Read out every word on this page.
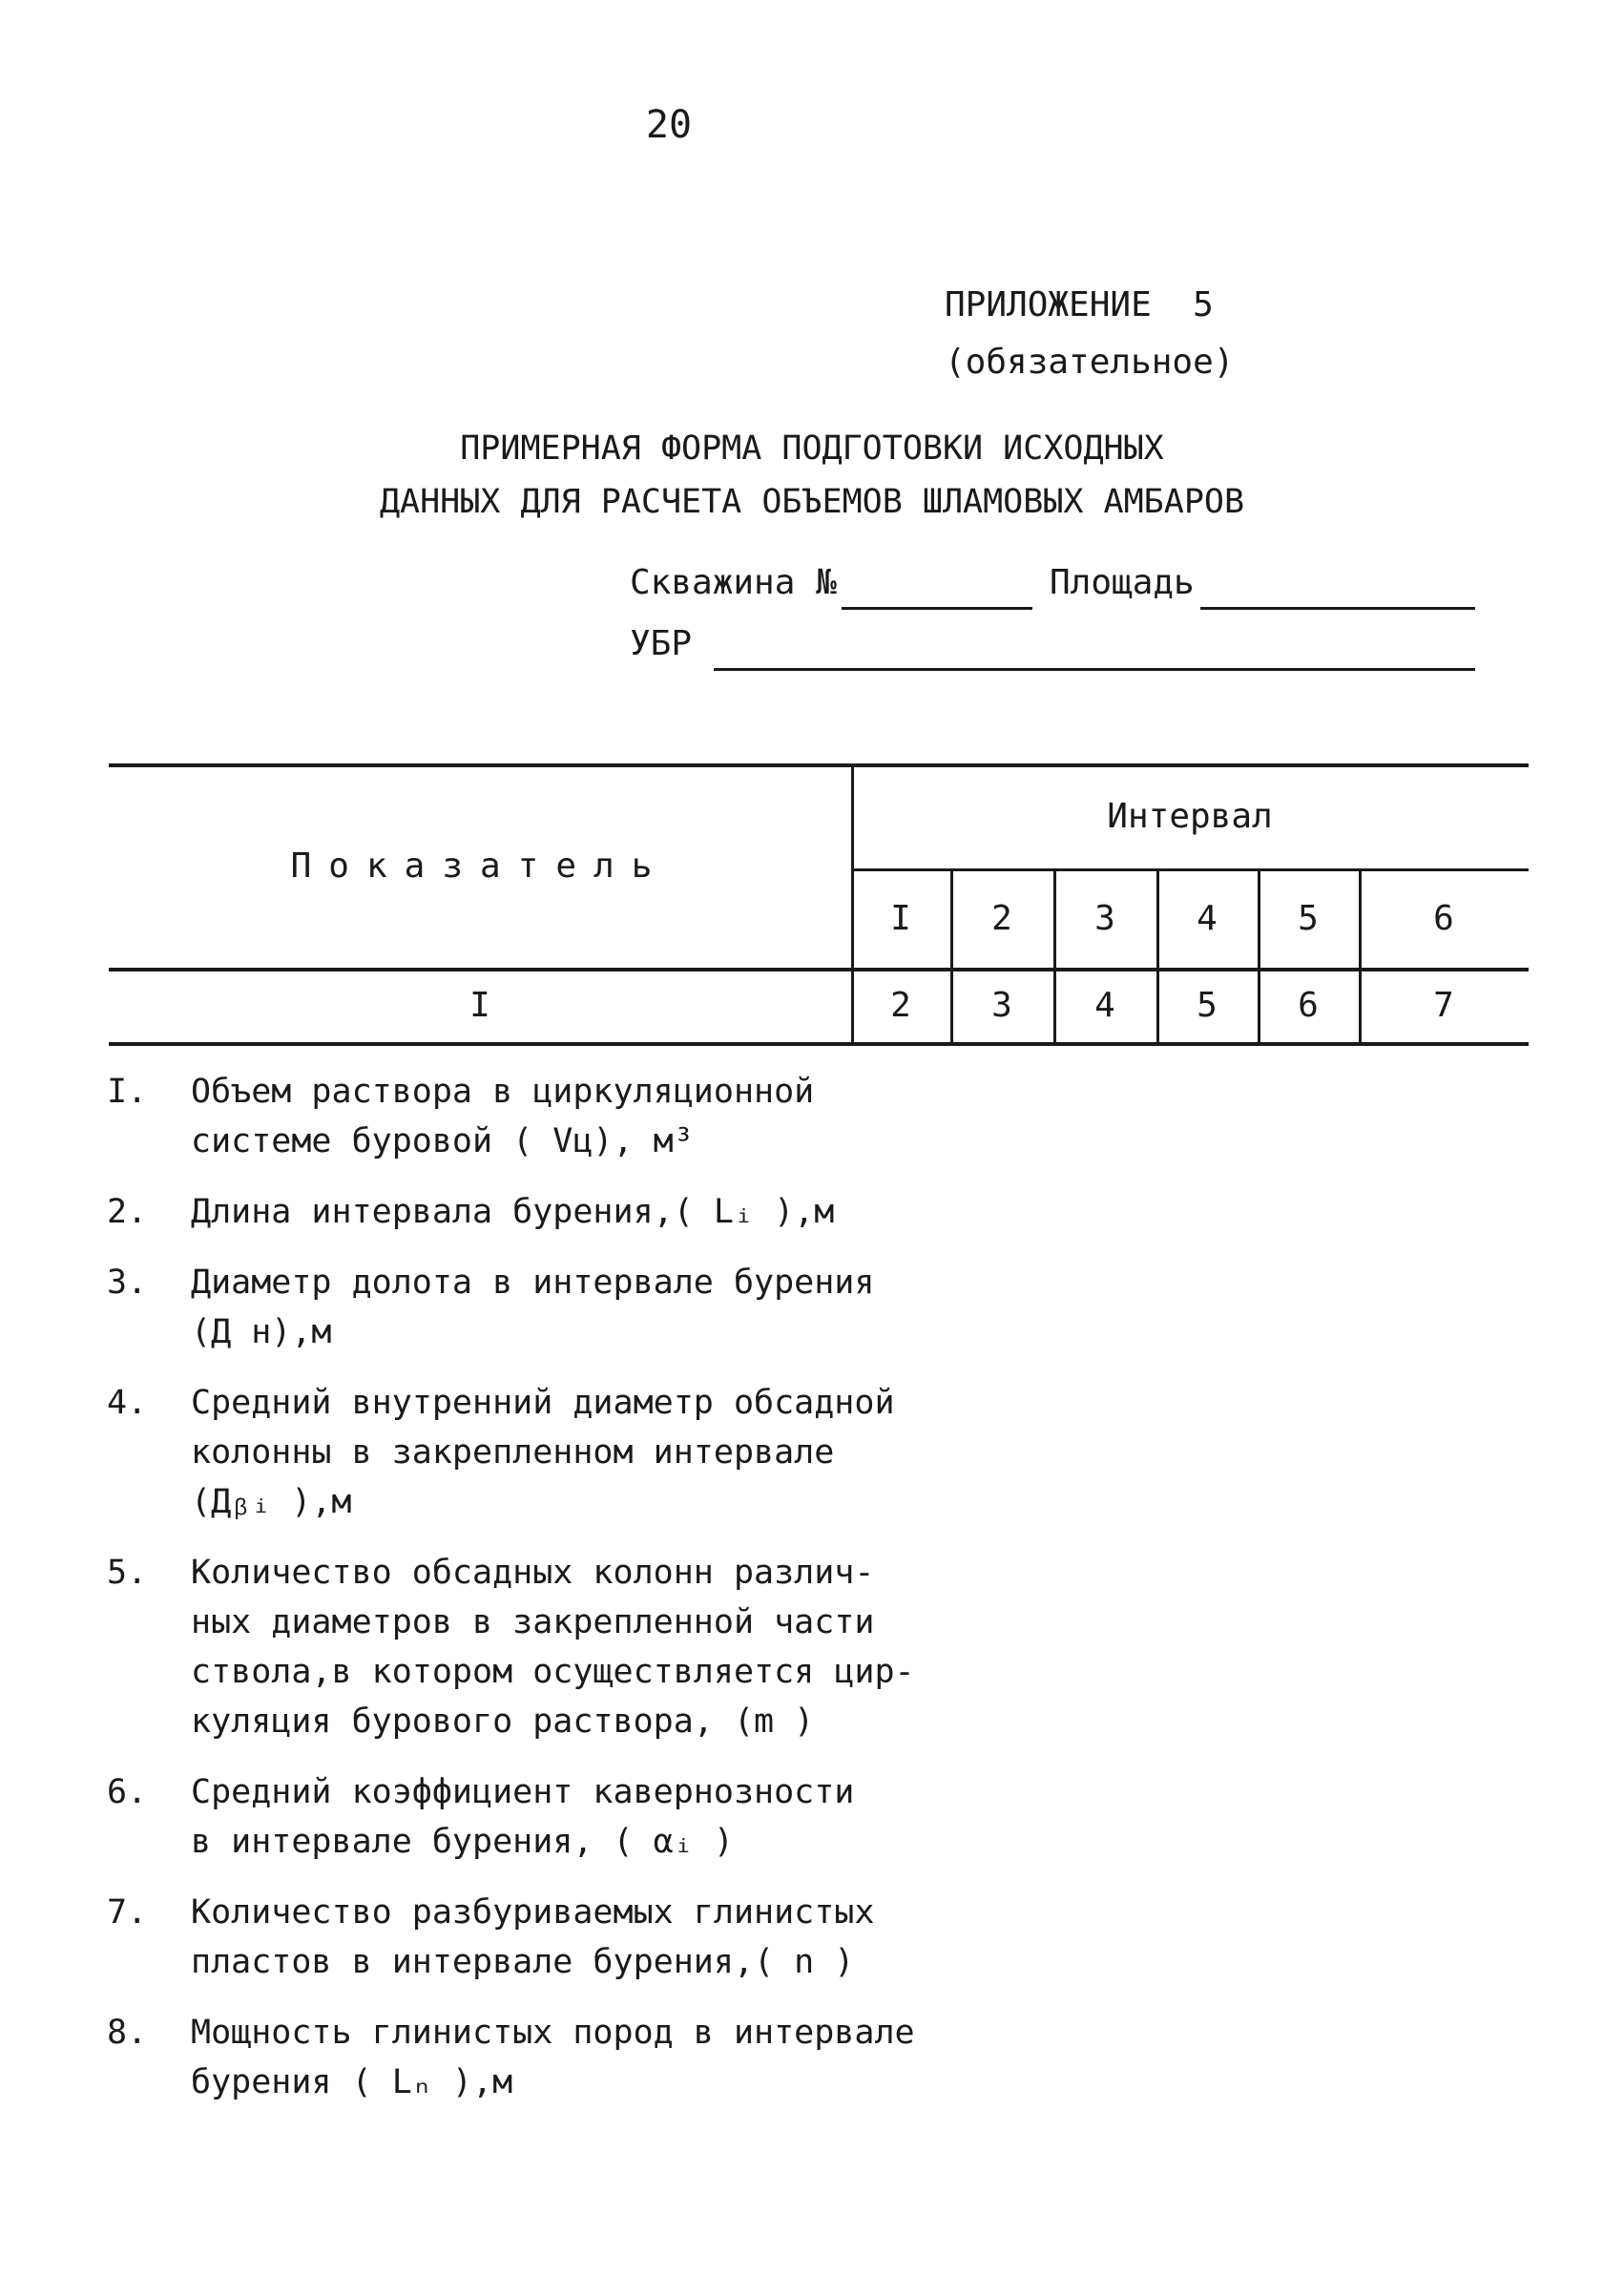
20
ПРИЛОЖЕНИЕ  5
(обязательное)
ПРИМЕРНАЯ ФОРМА ПОДГОТОВКИ ИСХОДНЫХ
ДАННЫХ ДЛЯ РАСЧЕТА ОБЪЕМОВ ШЛАМОВЫХ АМБАРОВ
Скважина №	Площадь
УБР
Показатель
Интервал
I	2	3	4	5	6
I	2	3	4	5	6	7
I. Объем раствора в циркуляционной
системе буровой ( Vц), м³
2. Длина интервала бурения,( Lᵢ ),м
3. Диаметр долота в интервале бурения
(Д н),м
4. Средний внутренний диаметр обсадной
колонны в закрепленном интервале
(Дᵦᵢ ),м
5. Количество обсадных колонн различ-
ных диаметров в закрепленной части
ствола,в котором осуществляется цир-
куляция бурового раствора, (m )
6. Средний коэффициент кавернозности
в интервале бурения, ( αᵢ )
7. Количество разбуриваемых глинистых
пластов в интервале бурения,( n )
8. Мощность глинистых пород в интервале
бурения ( Lₙ ),м
